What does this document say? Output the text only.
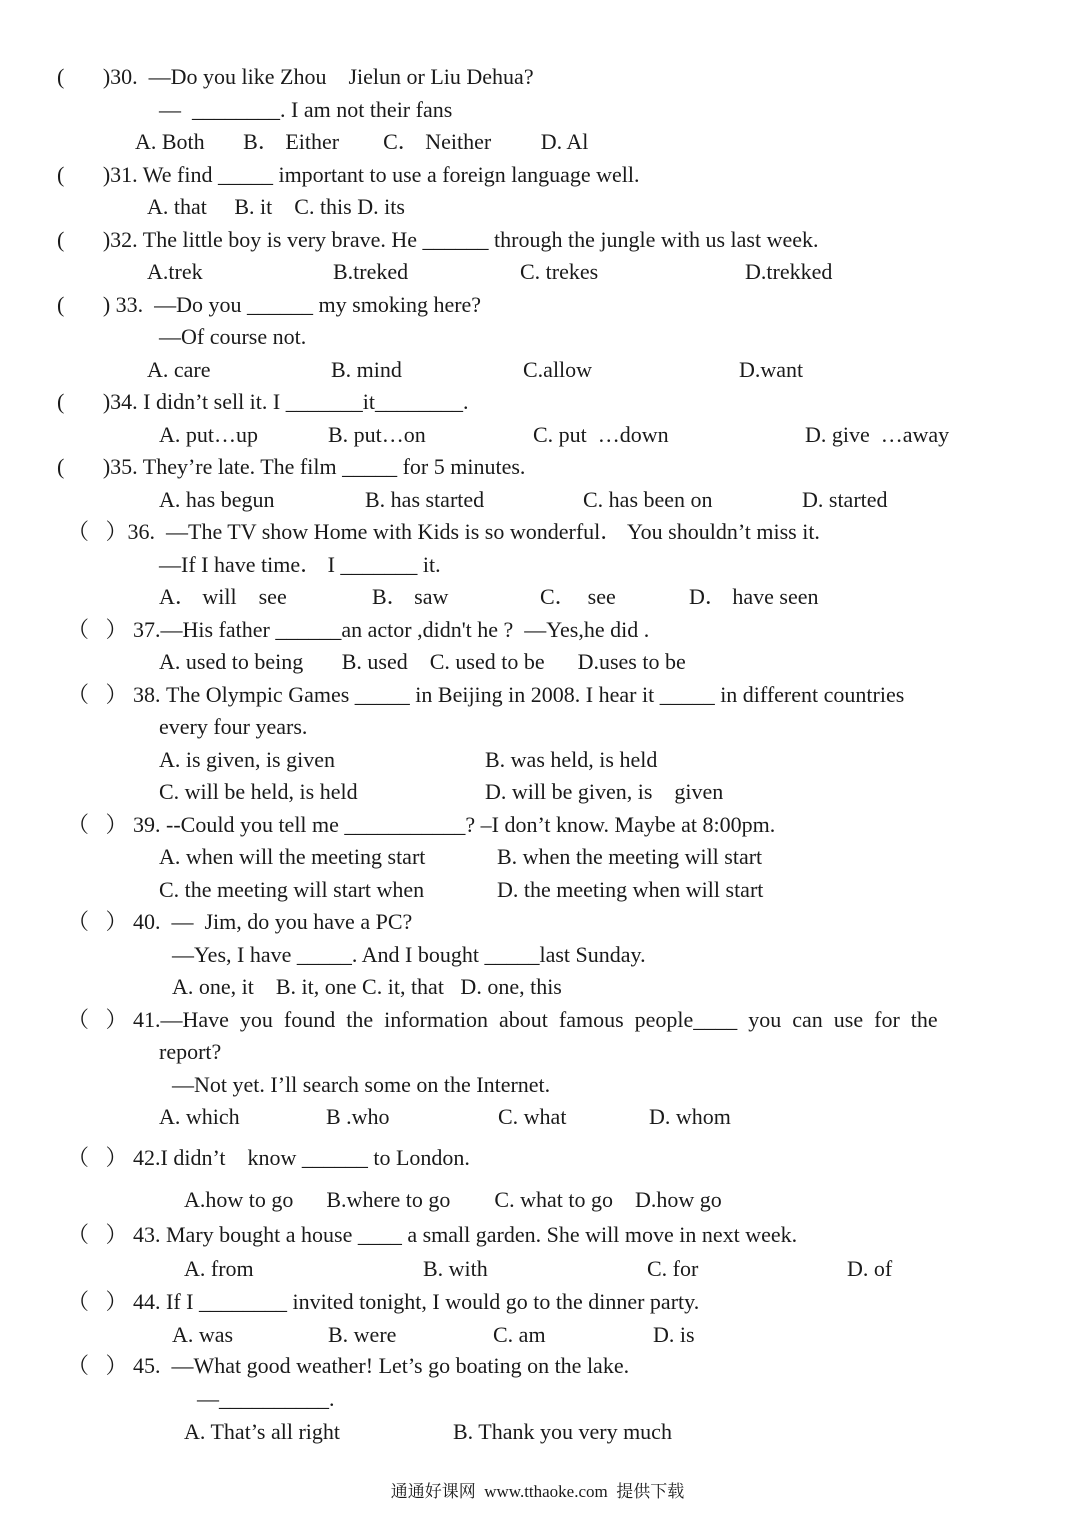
(       )30.  —Do you like Zhou    Jielun or Liu Dehua?
—  ________. I am not their fans
A. Both       B． Either        C． Neither         D. Al
(       )31. We find _____ important to use a foreign language well.
A. that     B. it    C. this D. its
(       )32. The little boy is very brave. He ______ through the jungle with us last week.
A.trek	B.treked	C. trekes	D.trekked
(       ) 33.  —Do you ______ my smoking here?
—Of course not.
A. care	B. mind	C.allow	D.want
(       )34. I didn’t sell it. I _______it________.
A. put…up	B. put…on	C. put  …down	D. give  …away
(       )35. They’re late. The film _____ for 5 minutes.
A. has begun	B. has started	C. has been on	D. started
（   ）36.  —The TV show Home with Kids is so wonderful． You shouldn’t miss it.
—If I have time． I _______ it.
A． will    see	B． saw	C．  see	D． have seen
（   ） 37.—His father ______an actor ,didn't he ?  —Yes,he did .
A. used to being       B. used    C. used to be      D.uses to be
（   ） 38. The Olympic Games _____ in Beijing in 2008. I hear it _____ in different countries
every four years.
A. is given, is given	B. was held, is held
C. will be held, is held	D. will be given, is    given
（   ） 39. --Could you tell me ___________? –I don’t know. Maybe at 8:00pm.
A. when will the meeting start	B. when the meeting will start
C. the meeting will start when	D. the meeting when will start
（   ） 40.  —  Jim, do you have a PC?
—Yes, I have _____. And I bought _____last Sunday.
A. one, it    B. it, one C. it, that   D. one, this
（   ） 41.—Have  you  found  the  information  about  famous  people____  you  can  use  for  the
report?
—Not yet. I’ll search some on the Internet.
A. which	B .who	C. what	D. whom
（   ） 42.I didn’t    know ______ to London.
A.how to go      B.where to go        C. what to go    D.how go
（   ） 43. Mary bought a house ____ a small garden. She will move in next week.
A. from	B. with	C. for	D. of
（   ） 44. If I ________ invited tonight, I would go to the dinner party.
A. was	B. were	C. am	D. is
（   ） 45.  —What good weather! Let’s go boating on the lake.
—__________.
A. That’s all right	B. Thank you very much
通通好课网  www.tthaoke.com  提供下载
